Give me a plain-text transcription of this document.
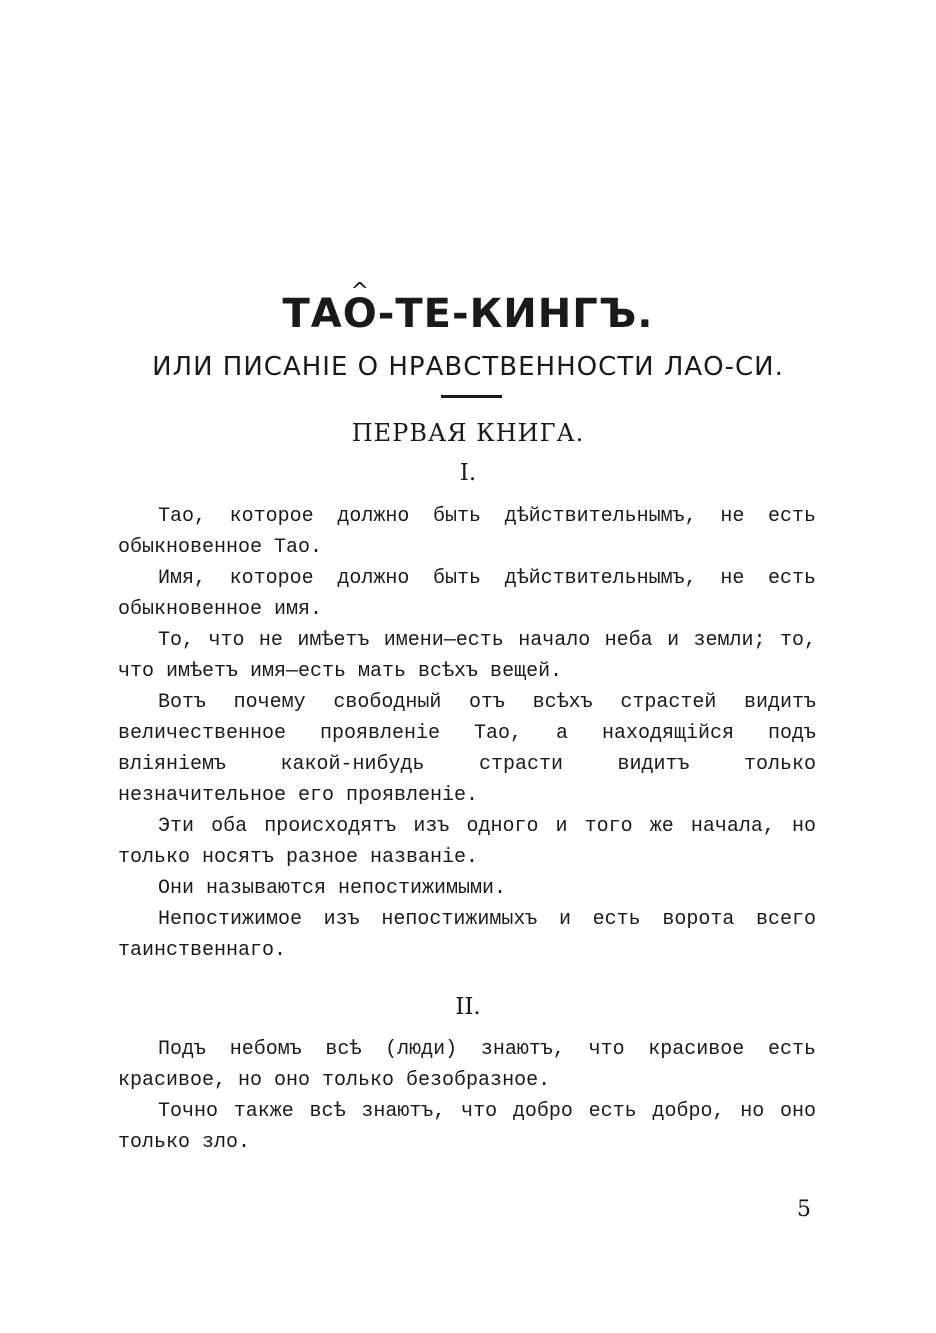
ТА^ О-ТЕ-КИНГЪ.
ИЛИ ПИСАНІЕ О НРАВСТВЕННОСТИ ЛАО-СИ.
ПЕРВАЯ КНИГА.
I.

Тао, которое должно быть дѣйствительнымъ, не есть обыкновенное Тао.

Имя, которое должно быть дѣйствительнымъ, не есть обыкновенное имя.

То, что не имѣетъ имени—есть начало неба и земли; то, что имѣетъ имя—есть мать всѣхъ вещей.

Вотъ почему свободный отъ всѣхъ страстей видитъ величественное проявленіе Тао, а находящійся подъ вліяніемъ какой-нибудь страсти видитъ только незначительное его проявленіе.

Эти оба происходятъ изъ одного и того же начала, но только носятъ разное названіе.

Они называются непостижимыми.

Непостижимое изъ непостижимыхъ и есть ворота всего таинственнаго.

II.

Подъ небомъ всѣ (люди) знаютъ, что красивое есть красивое, но оно только безобразное.

Точно также всѣ знаютъ, что добро есть добро, но оно только зло.

5
